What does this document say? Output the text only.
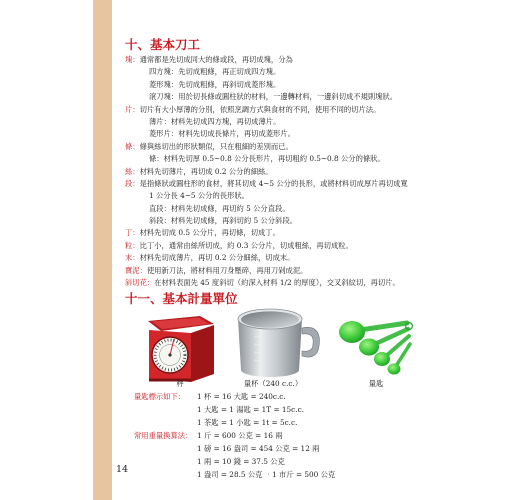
十、基本刀工
塊：通常都是先切成同大的條或段，再切成塊，分為
四方塊：先切成粗條，再正切成四方塊。
菱形塊：先切成粗條，再斜切成菱形塊。
滾刀塊：用於切長條或圓柱狀的材料，一邊轉材料，一邊斜切成不規則塊狀。
片：切片有大小厚薄的分別，依照烹調方式與食材的不同，使用不同的切片法。
薄片：材料先切成四方塊，再切成薄片。
菱形片：材料先切成長條片，再切成菱形片。
條：條與絲切出的形狀類似，只在粗細的差別而已。
條：材料先切厚 0.5~0.8 公分長形片，再切粗約 0.5~0.8 公分的條狀。
絲：材料先切薄片，再切成 0.2 公分的細絲。
段：是指條狀或圓柱形的食材，將其切成 4~5 公分的長形，或將材料切成厚片再切成寬
1 公分長 4~5 公分的長形狀。
直段：材料先切成條，再切約 5 公分直段。
斜段：材料先切成條，再斜切約 5 公分斜段。
丁：材料先切成 0.5 公分片，再切條，切成丁。
粒：比丁小，通常由絲所切成，約 0.3 公分片，切成粗絲，再切成粒。
末：材料先切成薄片，再切 0.2 公分細絲，切成末。
寶泥：使用新刀法，將材料用刀身壓碎，再用刀剁成泥。
斜切花：在材料表面先 45 度斜切（約深入材料 1/2 的厚度），交叉斜紋切，再切片。
十一、基本計量單位
秤	量杯（240 c.c.）	量匙
量匙標示如下：	1 杯 = 16 大匙 = 240c.c.
1 大匙 = 1 湯匙 = 1T = 15c.c.
1 茶匙 = 1 小匙 = 1t = 5c.c.
常用重量換算法： 1 斤 = 600 公克 = 16 兩
1 磅 = 16 盎司 = 454 公克 = 12 兩
1 兩 = 10 錢 = 37.5 公克
1 盎司 = 28.5 公克 ‧1 市斤 = 500 公克
14
